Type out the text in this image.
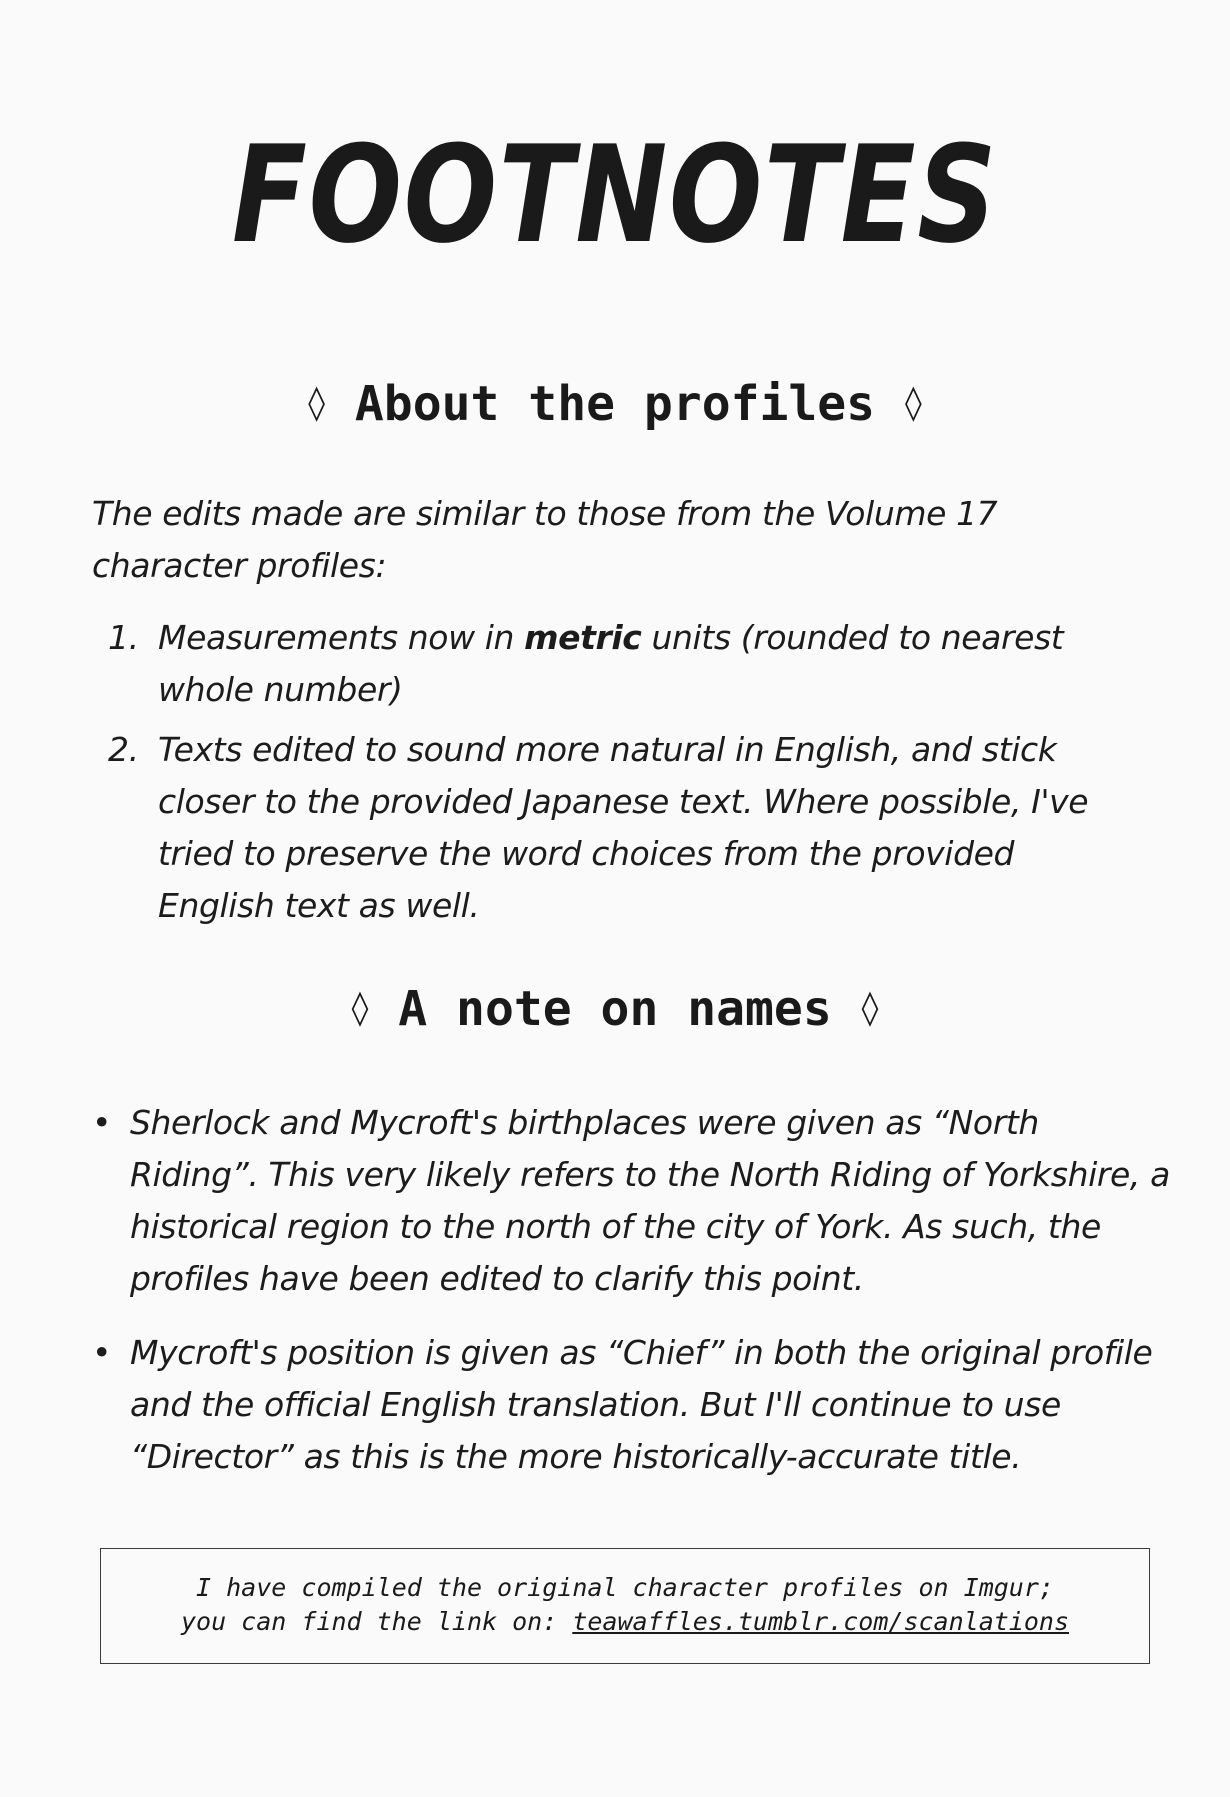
FOOTNOTES
◊ About the profiles ◊
The edits made are similar to those from the Volume 17 character profiles:
1. Measurements now in metric units (rounded to nearest whole number)
2. Texts edited to sound more natural in English, and stick closer to the provided Japanese text. Where possible, I've tried to preserve the word choices from the provided English text as well.
◊ A note on names ◊
• Sherlock and Mycroft's birthplaces were given as “North Riding”. This very likely refers to the North Riding of Yorkshire, a historical region to the north of the city of York. As such, the profiles have been edited to clarify this point.
• Mycroft's position is given as “Chief” in both the original profile and the official English translation. But I'll continue to use “Director” as this is the more historically-accurate title.
I have compiled the original character profiles on Imgur;
you can find the link on: teawaffles.tumblr.com/scanlations
